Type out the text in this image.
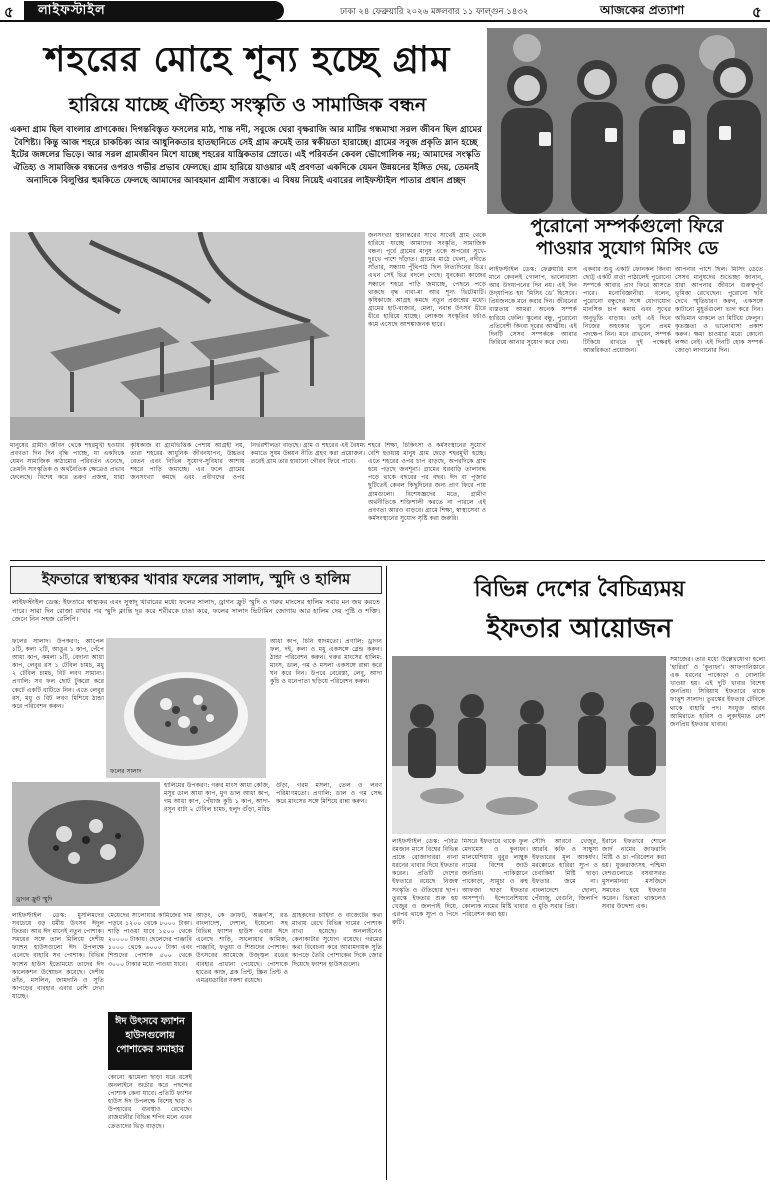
৫	লাইফস্টাইল	ঢাকা ২৪ ফেব্রুয়ারি ২০২৬ মঙ্গলবার ১১ ফাল্গুন ১৪৩২	আজকের প্রত্যাশা	৫
শহরের মোহে শূন্য হচ্ছে গ্রাম
হারিয়ে যাচ্ছে ঐতিহ্য সংস্কৃতি ও সামাজিক বন্ধন
একদা গ্রাম ছিল বাংলার প্রাণকেন্দ্র। দিগন্তবিস্তৃত ফসলের মাঠ, শান্ত নদী, সবুজে ঘেরা বৃক্ষরাজি আর মাটির গন্ধমাখা সরল জীবন ছিল গ্রামের বৈশিষ্ট্য। কিন্তু আজ শহরে চাকচিক্য আর আধুনিকতার হাতছানিতে সেই গ্রাম ক্রমেই তার স্বকীয়তা হারাচ্ছে। গ্রামের সবুজ প্রকৃতি ম্লান হচ্ছে ইটের জঙ্গলের ভিড়ে। আর সরল গ্রামজীবন মিশে যাচ্ছে শহরের যান্ত্রিকতার স্রোতে। এই পরিবর্তন কেবল ভৌগোলিক নয়; আমাদের সংস্কৃতি ঐতিহ্য ও সামাজিক বন্ধনের ওপরও গভীর প্রভাব ফেলছে। গ্রাম হারিয়ে যাওয়ার এই প্রবণতা একদিকে যেমন উন্নয়নের ইঙ্গিত দেয়, তেমনই অনাদিকে বিলুপ্তির হুমকিতে ফেলছে আমাদের আবহমান গ্রামীণ সত্তাকে। এ বিষয় নিয়েই এবারের লাইফস্টাইল পাতার প্রধান প্রচ্ছদ
পুরোনো সম্পর্কগুলো ফিরে
পাওয়ার সুযোগ মিসিং ডে
জনসংখ্যা স্থানান্তরের সাথে সাথেই গ্রাম থেকে হারিয়ে যাচ্ছে আমাদের সংস্কৃতি, সামাজিক বন্ধন। পূর্বে গ্রামের মানুষ একে অপরের সুখে-দুঃখে পাশে দাঁড়াত। গ্রামের মাঠে খেলা, নদীতে সাঁতার, সন্ধ্যায় পুঁথিপাঠ ছিল নিত্যদিনের চিত্র। এখন সেই চিত্র বদলে গেছে। যুবকেরা কাজের সন্ধানে শহরে পাড়ি জমাচ্ছে, পেছনে পড়ে থাকছে বৃদ্ধ বাবা-মা আর শূন্য ভিটেমাটি। কৃষিকাজে আগ্রহ কমছে নতুন প্রজন্মের মধ্যে। গ্রামের হাট-বাজার, মেলা, নবান্ন উৎসব ধীরে ধীরে হারিয়ে যাচ্ছে। লোকজ সংস্কৃতির চর্চাও কমে এসেছে আশঙ্কাজনক হারে।
লাইফস্টাইল ডেস্ক: ফেব্রুয়ারি মাস মানে কেবলই গোলাপ, ভালোবাসা আর উদযাপনের দিন নয়। এই দিন উদ্‌যাপিত হয় 'মিসিং ডে' হিসেবে। প্রিয়জনকে মনে করার দিন। জীবনের ব্যস্ততায় আমরা অনেক সম্পর্ক হারিয়ে ফেলি। স্কুলের বন্ধু, পুরোনো প্রতিবেশী কিংবা দূরের আত্মীয়। এই দিনটি সেসব সম্পর্ককে আবার ফিরিয়ে আনার সুযোগ করে দেয়।
একবার শুধু একটি ফোনকল কিংবা ছোট্ট একটি বার্তা পাঠালেই পুরোনো সম্পর্কে আবার প্রাণ ফিরে আসতে পারে। মনোবিজ্ঞানীরা বলেন, পুরোনো বন্ধুদের সঙ্গে যোগাযোগ মানসিক চাপ কমায় এবং সুখের অনুভূতি বাড়ায়। তাই এই দিনে নিজের অহংকার ভুলে প্রথম পদক্ষেপ নিন। মনে রাখবেন, সম্পর্ক টিকিয়ে রাখতে দুই পক্ষেরই আন্তরিকতা প্রয়োজন।
আপনার পাশে ছিল। মিসিং ডেতে সেসব মানুষদের শুভেচ্ছা জানান, যারা আপনার জীবনে গুরুত্বপূর্ণ ভূমিকা রেখেছেন। পুরোনো ছবি দেখে স্মৃতিচারণ করুন, একসঙ্গে কাটানো মুহূর্তগুলো ভাগ করে নিন। অভিমান থাকলে তা মিটিয়ে ফেলুন। কৃতজ্ঞতা ও ভালোবাসা প্রকাশ করুন। ক্ষমা চাওয়ার মধ্যে কোনো লজ্জা নেই। এই দিনটি হোক সম্পর্ক জোড়া লাগানোর দিন।
শহরে শিক্ষা, চিকিৎসা ও কর্মসংস্থানের সুযোগ বেশি হওয়ায় মানুষ গ্রাম ছেড়ে শহরমুখী হচ্ছে। এতে শহরের ওপর চাপ বাড়ছে, অপরদিকে গ্রাম হয়ে পড়ছে জনশূন্য। গ্রামের ঘরবাড়ি তালাবদ্ধ পড়ে থাকে বছরের পর বছর। ঈদ বা পূজার ছুটিতেই কেবল কিছুদিনের জন্য প্রাণ ফিরে পায় গ্রামগুলো। বিশেষজ্ঞদের মতে, গ্রামীণ অর্থনীতিকে শক্তিশালী করতে না পারলে এই প্রবণতা আরও বাড়বে। গ্রামে শিক্ষা, স্বাস্থ্যসেবা ও কর্মসংস্থানের সুযোগ সৃষ্টি করা জরুরি।
মানুষের গ্রামীণ জীবন থেকে শহরমুখী হওয়ার প্রবণতা দিন দিন বৃদ্ধি পাচ্ছে, যা একদিকে যেমন সামাজিক কাঠামোর পরিবর্তন এনেছে, তেমনি সাংস্কৃতিক ও অর্থনৈতিক ক্ষেত্রেও প্রভাব ফেলেছে। বিশেষ করে তরুণ প্রজন্ম, যারা কৃষিকাজ বা গ্রামভিত্তিক পেশায় আগ্রহী নয়, তারা শহরের আধুনিক জীবনযাপন, উচ্চতর বেতন এবং বিভিন্ন সুযোগ-সুবিধার আশায় শহরে পাড়ি জমাচ্ছে। এর ফলে গ্রামের জনসংখ্যা কমছে এবং প্রবীণদের ওপর নির্ভরশীলতা বাড়ছে। গ্রাম ও শহরের এই বৈষম্য কমাতে সুষম উন্নয়ন নীতি গ্রহণ করা প্রয়োজন। তবেই গ্রাম তার হারানো গৌরব ফিরে পাবে।
ইফতারে স্বাস্থ্যকর খাবার ফলের সালাদ, স্মুদি ও হালিম
লাইফস্টাইল ডেস্ক: ইফতারে স্বাস্থ্যকর এবং সুস্বাদু খাবারের মধ্যে ফলের সালাদ, ড্রাগন ফ্রুট স্মুদি ও গরুর মাংসের হালিম সবার মন জয় করতে পারে। সারা দিন রোজা রাখার পর স্মুদি ক্লান্তি দূর করে শরীরকে চাঙা করে, ফলের সালাদ ভিটামিন জোগায় আর হালিম দেয় পুষ্টি ও শক্তি। জেনে নিন সহজ রেসিপি।
ফলের সালাদ। উপকরণ: আপেল ১টি, কলা ২টি, আঙুর ১ কাপ, পেঁপে আধা কাপ, কমলা ১টি, বেদানা আধা কাপ, লেবুর রস ১ টেবিল চামচ, মধু ২ টেবিল চামচ, বিট লবণ সামান্য। প্রণালি: সব ফল ছোট টুকরো করে কেটে একটি বাটিতে নিন। এতে লেবুর রস, মধু ও বিট লবণ মিশিয়ে ঠান্ডা করে পরিবেশন করুন।
ফলের সালাদ
আধা কাপ, চিনি স্বাদমতো। প্রণালি: ড্রাগন ফল, দই, কলা ও মধু একসঙ্গে ব্লেন্ড করুন। ঠান্ডা পরিবেশন করুন। গরুর মাংসের হালিম: মাংস, ডাল, গম ও মসলা একসঙ্গে রান্না করে ঘন করে নিন। উপরে বেরেস্তা, লেবু, আদা কুচি ও ধনেপাতা ছড়িয়ে পরিবেশন করুন।
ড্রাগন ফ্রুট স্মুদি
হালিমের উপকরণ: গরুর মাংস আধা কেজি, মসুর ডাল আধা কাপ, মুগ ডাল আধা কাপ, গম আধা কাপ, পেঁয়াজ কুচি ১ কাপ, আদা-রসুন বাটা ২ টেবিল চামচ, হলুদ গুঁড়া, মরিচ গুঁড়া, গরম মসলা, তেল ও লবণ পরিমাণমতো। প্রণালি: ডাল ও গম সেদ্ধ করে মাংসের সঙ্গে মিশিয়ে রান্না করুন।
লাইফস্টাইল ডেস্ক: মুসলিমদের সবচেয়ে বড় ধর্মীয় উৎসব ঈদুল ফিতর। আর ঈদ মানেই নতুন পোশাক। সময়ের সঙ্গে তাল মিলিয়ে দেশীয় ফ্যাশন হাউসগুলো ঈদ উপলক্ষে এনেছে বাহারি সব পোশাক। বিভিন্ন ফ্যাশন হাউস ইতোমধ্যে তাদের ঈদ কালেকশন উন্মোচন করেছে। দেশীয় তাঁত, মসলিন, জামদানি ও সুতি কাপড়ের ব্যবহার এবার বেশি দেখা যাচ্ছে।
আড়ং, কে ক্রাফট, অঞ্জন'স, রঙ বাংলাদেশ, দেশাল, ইয়েলো সহ বিভিন্ন ফ্যাশন হাউস এবার ঈদে এনেছে শাড়ি, সালোয়ার কামিজ, পাঞ্জাবি, ফতুয়া ও শিশুদের পোশাক। উৎসবের আমেজে উজ্জ্বল রঙের ব্যবহার প্রাধান্য পেয়েছে। পোশাকে হাতের কাজ, ব্লক প্রিন্ট, স্ক্রিন প্রিন্ট ও এমব্রয়ডারির নকশা রয়েছে।
গ্রাহকদের চাহিদা ও বাজেটের কথা মাথায় রেখে বিভিন্ন দামের পোশাক রাখা হয়েছে। অনলাইনেও কেনাকাটার সুযোগ রয়েছে। গরমের কথা বিবেচনা করে আরামদায়ক সুতি কাপড়ে তৈরি পোশাকের দিকে জোর দিয়েছে ফ্যাশন হাউসগুলো।
ঈদ উৎসবে ফ্যাশন
হাউসগুলোয়
পোশাকের সমাহার
মেয়েদের সালোয়ার কামিজের দাম পড়বে ১২০০ থেকে ৮০০০ টাকা। শাড়ি পাওয়া যাবে ১৫০০ থেকে ২০০০০ টাকায়। ছেলেদের পাঞ্জাবি ১০০০ থেকে ৬০০০ টাকা এবং শিশুদের পোশাক ৫০০ থেকে ৩০০০ টাকার মধ্যে পাওয়া যাবে।
কোনো ঝামেলা ছাড়া ঘরে বসেই অনলাইনে অর্ডার করে পছন্দের পোশাক কেনা যাবে। প্রতিটি ফ্যাশন হাউস ঈদ উপলক্ষে বিশেষ ছাড় ও উপহারের ব্যবস্থাও রেখেছে। রাজধানীর বিভিন্ন শপিং মলে এখন ক্রেতাদের ভিড় বাড়ছে।
বিভিন্ন দেশের বৈচিত্র্যময়
ইফতার আয়োজন
সমাজের। তার মধ্যে উল্লেখযোগ্য হলো 'হারিরা' ও 'কুনাফা'। আফগানিস্তানে এক ধরনের পাকোড়া ও বোলানি খাওয়া হয়। এই দুটি খাবার বিশেষ জনপ্রিয়। সিরিয়ায় ইফতারে থাকে ফাত্তুশ সালাদ। তুরস্কের ইফতার টেবিলে থাকে বাহারি পদ। সংযুক্ত আরব আমিরাতে হারিস ও লুকাইমাত বেশ জনপ্রিয় ইফতার খাবার।
লাইফস্টাইল ডেস্ক: পবিত্র রমজান মাসে বিশ্বের বিভিন্ন প্রান্তে রোজাদাররা নানা ধরনের খাবার দিয়ে ইফতার করেন। প্রতিটি দেশের ইফতারে রয়েছে নিজস্ব সংস্কৃতি ও ঐতিহ্যের ছাপ। তুরস্কে ইফতার শুরু হয় খেজুর ও জলপাই দিয়ে, এরপর থাকে স্যুপ ও পিদে রুটি।
মিসরে ইফতারে থাকে ফুল মেদামেস ও কুনাফা। মালয়েশিয়ায় বুবুর লাম্বুক নামের বিশেষ জাউ জনপ্রিয়। পাকিস্তানে পাকোড়া, সামুচা ও রুহ আফজা ছাড়া ইফতার অসম্পূর্ণ। ইন্দোনেশিয়ায় কোলাক নামের মিষ্টি খাবার পরিবেশন করা হয়।
সৌদি আরবে খেজুর, আরবি কফি ও সাম্বুসা ইফতারের মূল আকর্ষণ। মরক্কোতে হারিরা স্যুপ ও চেবাকিয়া মিষ্টি ছাড়া ইফতার জমে না। বাংলাদেশে ছোলা, পেঁয়াজু, বেগুনি, জিলাপি ও মুড়ি সবার প্রিয়।
ইরানে ইফতারে শোলে জার্দ নামের জাফরানি মিষ্টি ও চা পরিবেশন করা হয়। যুক্তরাজ্যসহ পশ্চিমা দেশগুলোতে বসবাসরত মুসলমানরা মসজিদে সমবেত হয়ে ইফতার করেন। ভিন্নতা থাকলেও সবার উদ্দেশ্য এক।
